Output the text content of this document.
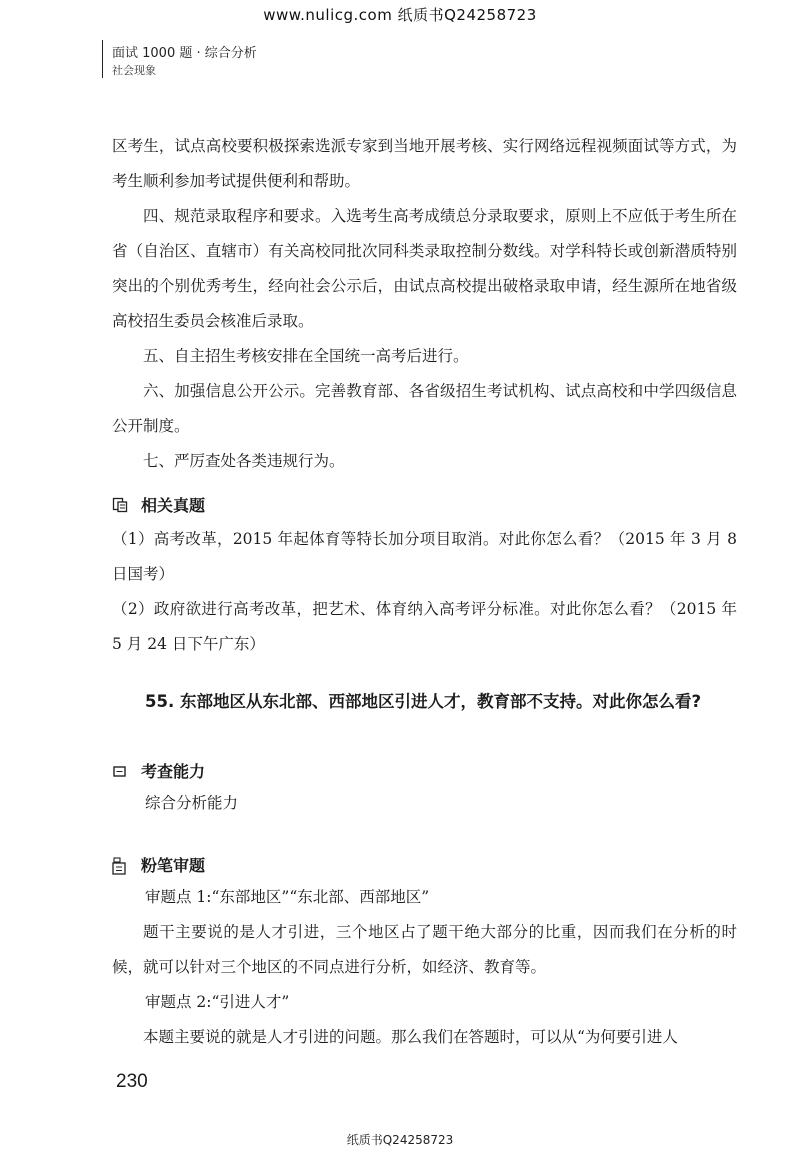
www.nulicg.com 纸质书Q24258723
面试 1000 题 · 综合分析
社会现象

区考生，试点高校要积极探索选派专家到当地开展考核、实行网络远程视频面试等方式，为考生顺利参加考试提供便利和帮助。

四、规范录取程序和要求。入选考生高考成绩总分录取要求，原则上不应低于考生所在省（自治区、直辖市）有关高校同批次同科类录取控制分数线。对学科特长或创新潜质特别突出的个别优秀考生，经向社会公示后，由试点高校提出破格录取申请，经生源所在地省级高校招生委员会核准后录取。

五、自主招生考核安排在全国统一高考后进行。

六、加强信息公开公示。完善教育部、各省级招生考试机构、试点高校和中学四级信息公开制度。

七、严厉查处各类违规行为。

相关真题

（1）高考改革，2015 年起体育等特长加分项目取消。对此你怎么看？（2015 年 3 月 8 日国考）

（2）政府欲进行高考改革，把艺术、体育纳入高考评分标准。对此你怎么看？（2015 年 5 月 24 日下午广东）

55. 东部地区从东北部、西部地区引进人才，教育部不支持。对此你怎么看?
考查能力

综合分析能力

粉笔审题

审题点 1:“东部地区”“东北部、西部地区”

题干主要说的是人才引进，三个地区占了题干绝大部分的比重，因而我们在分析的时候，就可以针对三个地区的不同点进行分析，如经济、教育等。

审题点 2:“引进人才”

本题主要说的就是人才引进的问题。那么我们在答题时，可以从“为何要引进人

230
纸质书Q24258723
